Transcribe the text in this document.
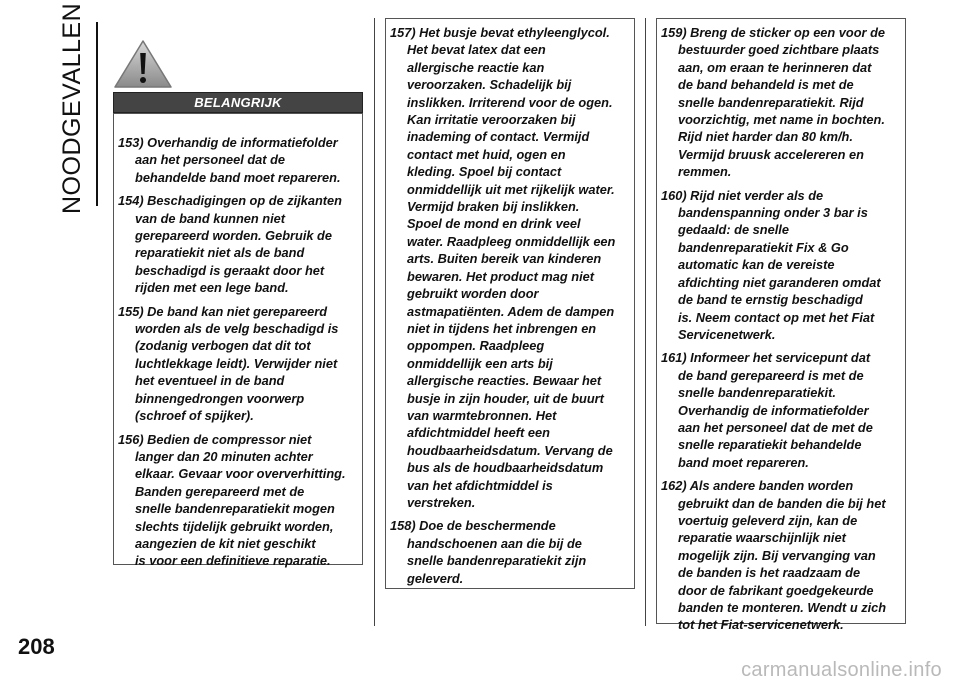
NOODGEVALLEN
208
carmanualsonline.info
BELANGRIJK

153) Overhandig de informatiefolder
aan het personeel dat de
behandelde band moet repareren.

154) Beschadigingen op de zijkanten
van de band kunnen niet
gerepareerd worden. Gebruik de
reparatiekit niet als de band
beschadigd is geraakt door het
rijden met een lege band.

155) De band kan niet gerepareerd
worden als de velg beschadigd is
(zodanig verbogen dat dit tot
luchtlekkage leidt). Verwijder niet
het eventueel in de band
binnengedrongen voorwerp
(schroef of spijker).

156) Bedien de compressor niet
langer dan 20 minuten achter
elkaar. Gevaar voor oververhitting.
Banden gerepareerd met de
snelle bandenreparatiekit mogen
slechts tijdelijk gebruikt worden,
aangezien de kit niet geschikt
is voor een definitieve reparatie.

157) Het busje bevat ethyleenglycol.
Het bevat latex dat een
allergische reactie kan
veroorzaken. Schadelijk bij
inslikken. Irriterend voor de ogen.
Kan irritatie veroorzaken bij
inademing of contact. Vermijd
contact met huid, ogen en
kleding. Spoel bij contact
onmiddellijk uit met rijkelijk water.
Vermijd braken bij inslikken.
Spoel de mond en drink veel
water. Raadpleeg onmiddellijk een
arts. Buiten bereik van kinderen
bewaren. Het product mag niet
gebruikt worden door
astmapatiënten. Adem de dampen
niet in tijdens het inbrengen en
oppompen. Raadpleeg
onmiddellijk een arts bij
allergische reacties. Bewaar het
busje in zijn houder, uit de buurt
van warmtebronnen. Het
afdichtmiddel heeft een
houdbaarheidsdatum. Vervang de
bus als de houdbaarheidsdatum
van het afdichtmiddel is
verstreken.

158) Doe de beschermende
handschoenen aan die bij de
snelle bandenreparatiekit zijn
geleverd.

159) Breng de sticker op een voor de
bestuurder goed zichtbare plaats
aan, om eraan te herinneren dat
de band behandeld is met de
snelle bandenreparatiekit. Rijd
voorzichtig, met name in bochten.
Rijd niet harder dan 80 km/h.
Vermijd bruusk accelereren en
remmen.

160) Rijd niet verder als de
bandenspanning onder 3 bar is
gedaald: de snelle
bandenreparatiekit Fix & Go
automatic kan de vereiste
afdichting niet garanderen omdat
de band te ernstig beschadigd
is. Neem contact op met het Fiat
Servicenetwerk.

161) Informeer het servicepunt dat
de band gerepareerd is met de
snelle bandenreparatiekit.
Overhandig de informatiefolder
aan het personeel dat de met de
snelle reparatiekit behandelde
band moet repareren.

162) Als andere banden worden
gebruikt dan de banden die bij het
voertuig geleverd zijn, kan de
reparatie waarschijnlijk niet
mogelijk zijn. Bij vervanging van
de banden is het raadzaam de
door de fabrikant goedgekeurde
banden te monteren. Wendt u zich
tot het Fiat-servicenetwerk.
